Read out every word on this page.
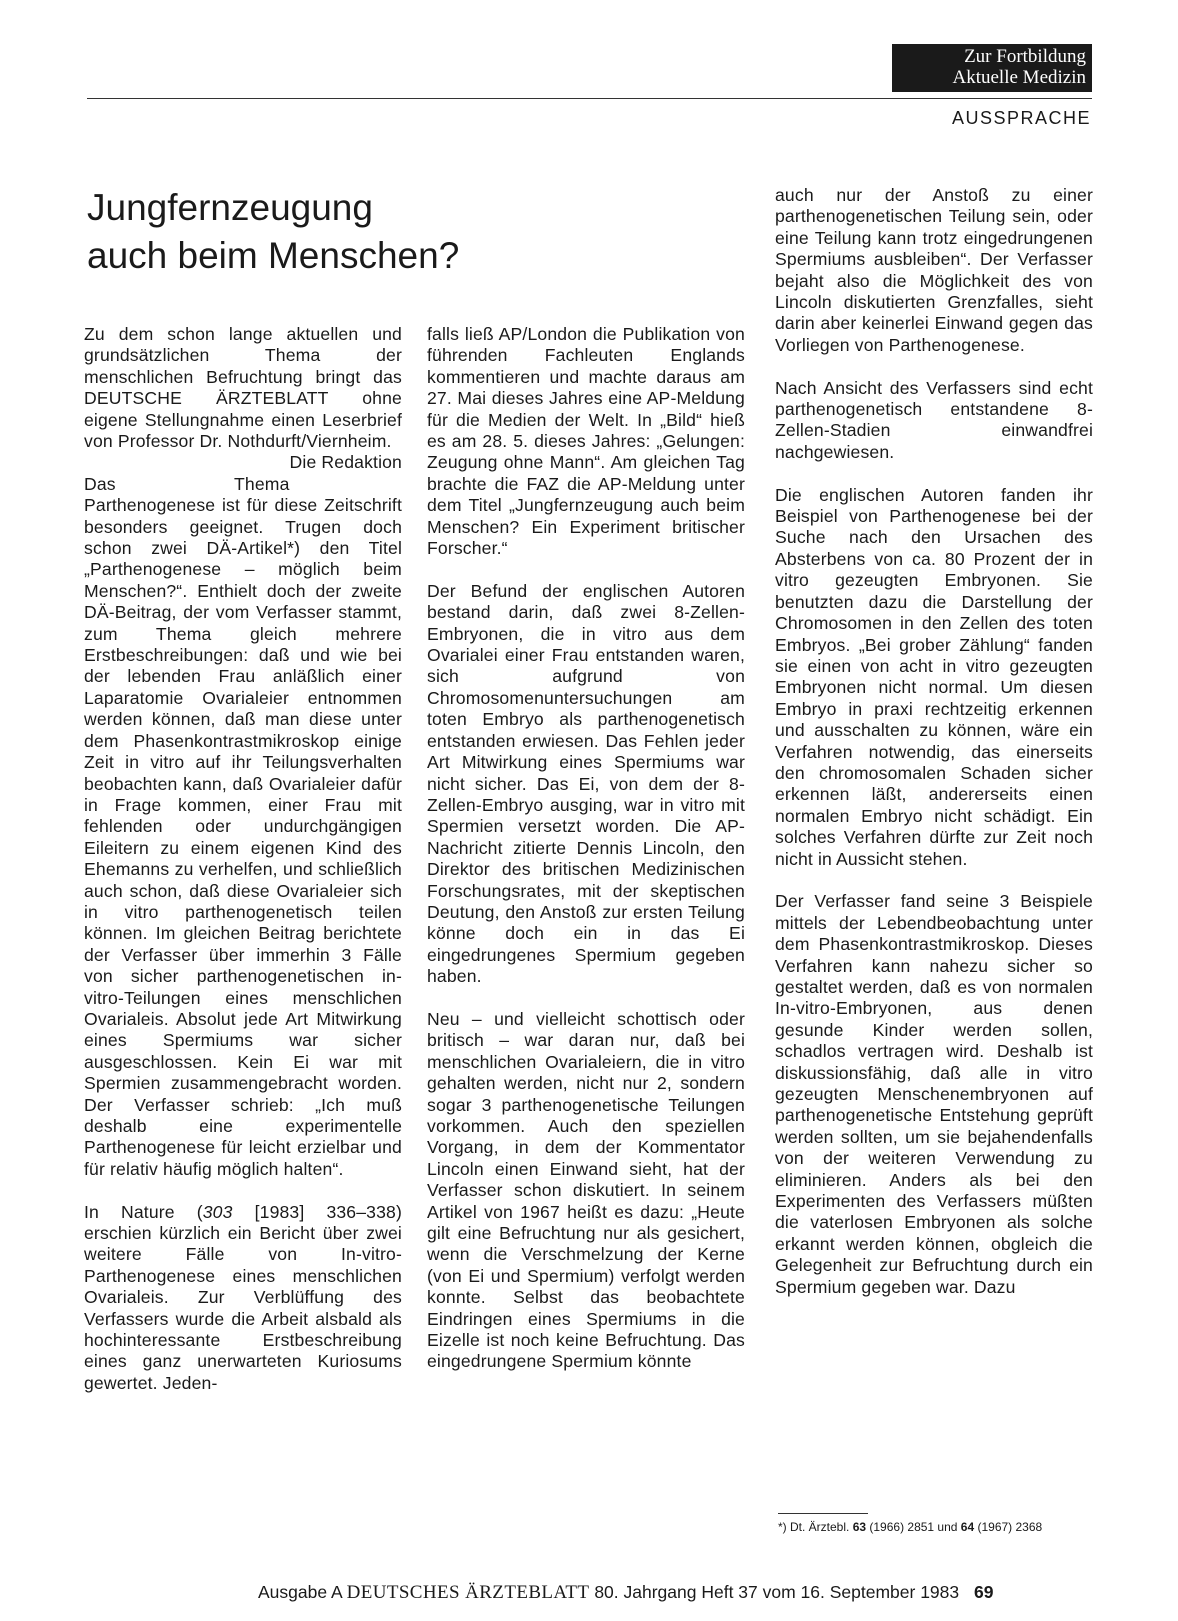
Zur Fortbildung
Aktuelle Medizin
AUSSPRACHE
Jungfernzeugung
auch beim Menschen?

Zu dem schon lange aktuellen und grundsätzlichen Thema der menschlichen Befruchtung bringt das DEUTSCHE ÄRZTEBLATT ohne eigene Stellungnahme einen Leserbrief von Professor Dr. Nothdurft/Viernheim.
Die Redaktion

Das Thema Parthenogenese ist für diese Zeitschrift besonders geeignet. Trugen doch schon zwei DÄ-Artikel*) den Titel „Parthenogenese – möglich beim Menschen?“. Enthielt doch der zweite DÄ-Beitrag, der vom Verfasser stammt, zum Thema gleich mehrere Erstbeschreibungen: daß und wie bei der lebenden Frau anläßlich einer Laparatomie Ovarialeier entnommen werden können, daß man diese unter dem Phasenkontrastmikroskop einige Zeit in vitro auf ihr Teilungsverhalten beobachten kann, daß Ovarialeier dafür in Frage kommen, einer Frau mit fehlenden oder undurchgängigen Eileitern zu einem eigenen Kind des Ehemanns zu verhelfen, und schließlich auch schon, daß diese Ovarialeier sich in vitro parthenogenetisch teilen können. Im gleichen Beitrag berichtete der Verfasser über immerhin 3 Fälle von sicher parthenogenetischen in-vitro-Teilungen eines menschlichen Ovarialeis. Absolut jede Art Mitwirkung eines Spermiums war sicher ausgeschlossen. Kein Ei war mit Spermien zusammengebracht worden. Der Verfasser schrieb: „Ich muß deshalb eine experimentelle Parthenogenese für leicht erzielbar und für relativ häufig möglich halten“.

In Nature (303 [1983] 336–338) erschien kürzlich ein Bericht über zwei weitere Fälle von In-vitro-Parthenogenese eines menschlichen Ovarialeis. Zur Verblüffung des Verfassers wurde die Arbeit alsbald als hochinteressante Erstbeschreibung eines ganz unerwarteten Kuriosums gewertet. Jeden-

falls ließ AP/London die Publikation von führenden Fachleuten Englands kommentieren und machte daraus am 27. Mai dieses Jahres eine AP-Meldung für die Medien der Welt. In „Bild“ hieß es am 28. 5. dieses Jahres: „Gelungen: Zeugung ohne Mann“. Am gleichen Tag brachte die FAZ die AP-Meldung unter dem Titel „Jungfernzeugung auch beim Menschen? Ein Experiment britischer Forscher.“

Der Befund der englischen Autoren bestand darin, daß zwei 8-Zellen-Embryonen, die in vitro aus dem Ovarialei einer Frau entstanden waren, sich aufgrund von Chromosomenuntersuchungen am toten Embryo als parthenogenetisch entstanden erwiesen. Das Fehlen jeder Art Mitwirkung eines Spermiums war nicht sicher. Das Ei, von dem der 8-Zellen-Embryo ausging, war in vitro mit Spermien versetzt worden. Die AP-Nachricht zitierte Dennis Lincoln, den Direktor des britischen Medizinischen Forschungsrates, mit der skeptischen Deutung, den Anstoß zur ersten Teilung könne doch ein in das Ei eingedrungenes Spermium gegeben haben.

Neu – und vielleicht schottisch oder britisch – war daran nur, daß bei menschlichen Ovarialeiern, die in vitro gehalten werden, nicht nur 2, sondern sogar 3 parthenogenetische Teilungen vorkommen. Auch den speziellen Vorgang, in dem der Kommentator Lincoln einen Einwand sieht, hat der Verfasser schon diskutiert. In seinem Artikel von 1967 heißt es dazu: „Heute gilt eine Befruchtung nur als gesichert, wenn die Verschmelzung der Kerne (von Ei und Spermium) verfolgt werden konnte. Selbst das beobachtete Eindringen eines Spermiums in die Eizelle ist noch keine Befruchtung. Das eingedrungene Spermium könnte

auch nur der Anstoß zu einer parthenogenetischen Teilung sein, oder eine Teilung kann trotz eingedrungenen Spermiums ausbleiben“. Der Verfasser bejaht also die Möglichkeit des von Lincoln diskutierten Grenzfalles, sieht darin aber keinerlei Einwand gegen das Vorliegen von Parthenogenese.

Nach Ansicht des Verfassers sind echt parthenogenetisch entstandene 8-Zellen-Stadien einwandfrei nachgewiesen.

Die englischen Autoren fanden ihr Beispiel von Parthenogenese bei der Suche nach den Ursachen des Absterbens von ca. 80 Prozent der in vitro gezeugten Embryonen. Sie benutzten dazu die Darstellung der Chromosomen in den Zellen des toten Embryos. „Bei grober Zählung“ fanden sie einen von acht in vitro gezeugten Embryonen nicht normal. Um diesen Embryo in praxi rechtzeitig erkennen und ausschalten zu können, wäre ein Verfahren notwendig, das einerseits den chromosomalen Schaden sicher erkennen läßt, andererseits einen normalen Embryo nicht schädigt. Ein solches Verfahren dürfte zur Zeit noch nicht in Aussicht stehen.

Der Verfasser fand seine 3 Beispiele mittels der Lebendbeobachtung unter dem Phasenkontrastmikroskop. Dieses Verfahren kann nahezu sicher so gestaltet werden, daß es von normalen In-vitro-Embryonen, aus denen gesunde Kinder werden sollen, schadlos vertragen wird. Deshalb ist diskussionsfähig, daß alle in vitro gezeugten Menschenembryonen auf parthenogenetische Entstehung geprüft werden sollten, um sie bejahendenfalls von der weiteren Verwendung zu eliminieren. Anders als bei den Experimenten des Verfassers müßten die vaterlosen Embryonen als solche erkannt werden können, obgleich die Gelegenheit zur Befruchtung durch ein Spermium gegeben war. Dazu

*) Dt. Ärztebl. 63 (1966) 2851 und 64 (1967) 2368

Ausgabe A DEUTSCHES ÄRZTEBLATT 80. Jahrgang Heft 37 vom 16. September 1983 69
